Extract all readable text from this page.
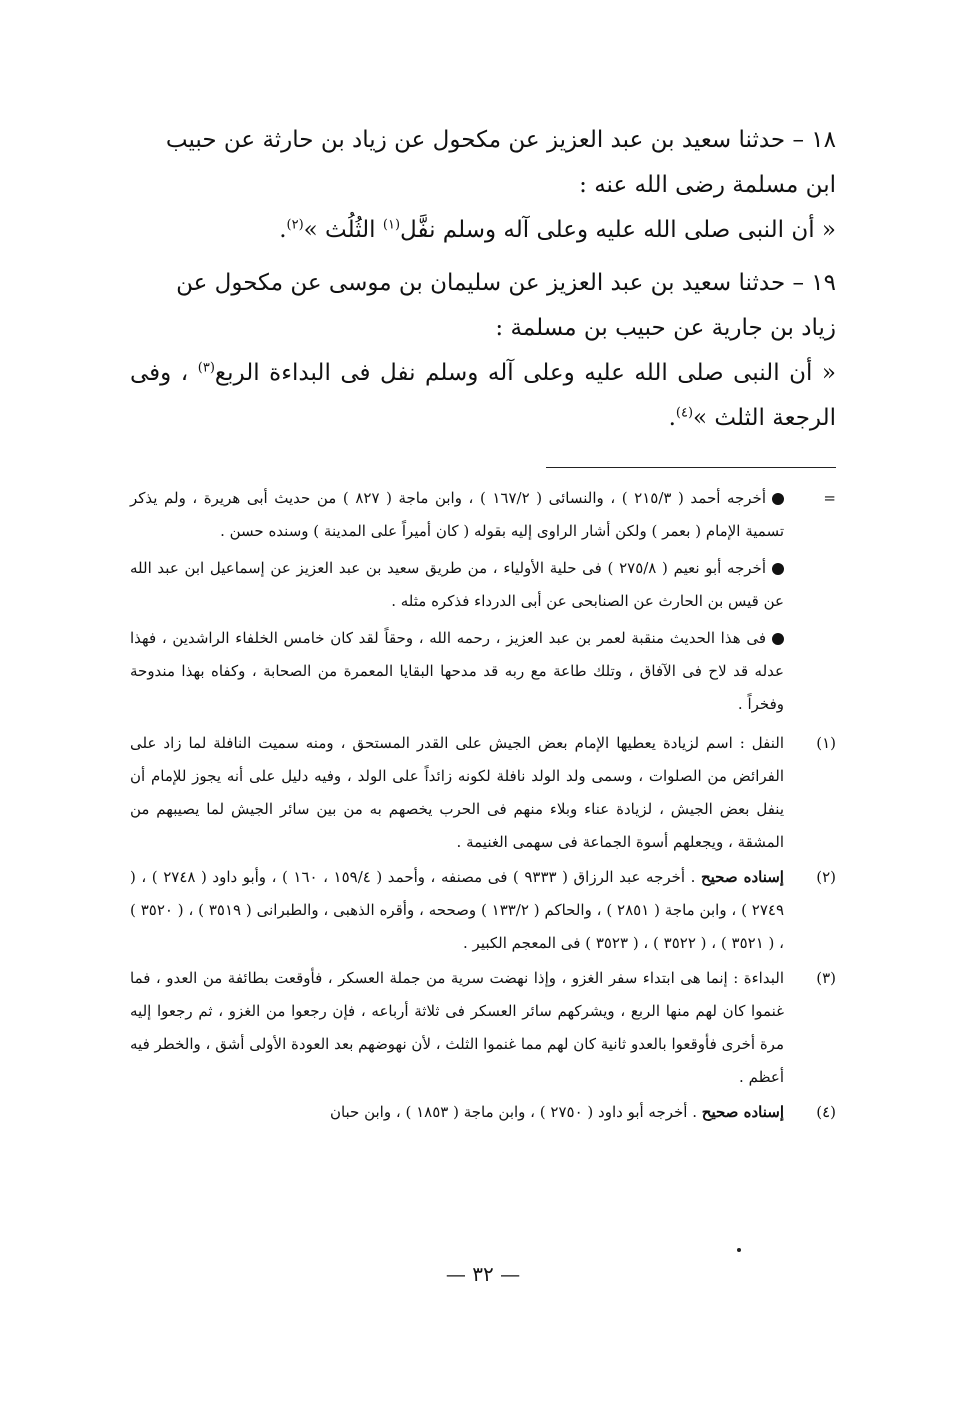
١٨ – حدثنا سعيد بن عبد العزيز عن مكحول عن زياد بن حارثة عن حبيب
ابن مسلمة رضى الله عنه :
« أن النبى صلى الله عليه وعلى آله وسلم نفَّل$^{(١)}$ الثُلُث »$^{(٢)}$.

١٩ – حدثنا سعيد بن عبد العزيز عن سليمان بن موسى عن مكحول عن
زياد بن جارية عن حبيب بن مسلمة :
« أن النبى صلى الله عليه وعلى آله وسلم نفل فى البداءة الربع$^{(٣)}$ ، وفى الرجعة الثلث »$^{(٤)}$.

=

أخرجه أحمد ( ٢١٥/٣ ) ، والنسائى ( ١٦٧/٢ ) ، وابن ماجة ( ٨٢٧ ) من حديث أبى هريرة ، ولم يذكر تسمية الإمام ( بعمر ) ولكن أشار الراوى إليه بقوله ( كان أميراً على المدينة ) وسنده حسن .

أخرجه أبو نعيم ( ٢٧٥/٨ ) فى حلية الأولياء ، من طريق سعيد بن عبد العزيز عن إسماعيل ابن عبد الله عن قيس بن الحارث عن الصنابحى عن أبى الدرداء فذكره مثله .

فى هذا الحديث منقبة لعمر بن عبد العزيز ، رحمه الله ، وحقاً لقد كان خامس الخلفاء الراشدين ، فهذا عدله قد لاح فى الآفاق ، وتلك طاعة مع ربه قد مدحها البقايا المعمرة من الصحابة ، وكفاه بهذا مندوحة وفخراً .

(١)
النفل : اسم لزيادة يعطيها الإمام بعض الجيش على القدر المستحق ، ومنه سميت النافلة لما زاد على الفرائض من الصلوات ، وسمى ولد الولد نافلة لكونه زائداً على الولد ، وفيه دليل على أنه يجوز للإمام أن ينفل بعض الجيش ، لزيادة عناء وبلاء منهم فى الحرب يخصهم به من بين سائر الجيش لما يصيبهم من المشقة ، ويجعلهم أسوة الجماعة فى سهمى الغنيمة .
(٢)
إسناده صحيح . أخرجه عبد الرزاق ( ٩٣٣٣ ) فى مصنفه ، وأحمد ( ١٥٩/٤ ، ١٦٠ ) ، وأبو داود ( ٢٧٤٨ ) ، ( ٢٧٤٩ ) ، وابن ماجة ( ٢٨٥١ ) ، والحاكم ( ١٣٣/٢ ) وصححه ، وأقره الذهبى ، والطبرانى ( ٣٥١٩ ) ، ( ٣٥٢٠ ) ، ( ٣٥٢١ ) ، ( ٣٥٢٢ ) ، ( ٣٥٢٣ ) فى المعجم الكبير .
(٣)
البداءة : إنما هى ابتداء سفر الغزو ، وإذا نهضت سرية من جملة العسكر ، فأوقعت بطائفة من العدو ، فما غنموا كان لهم منها الربع ، ويشركهم سائر العسكر فى ثلاثة أرباعه ، فإن رجعوا من الغزو ، ثم رجعوا إليه مرة أخرى فأوقعوا بالعدو ثانية كان لهم مما غنموا الثلث ، لأن نهوضهم بعد العودة الأولى أشق ، والخطر فيه أعظم .
(٤)
إسناده صحيح . أخرجه أبو داود ( ٢٧٥٠ ) ، وابن ماجة ( ١٨٥٣ ) ، وابن حبان
— ٣٢ —
